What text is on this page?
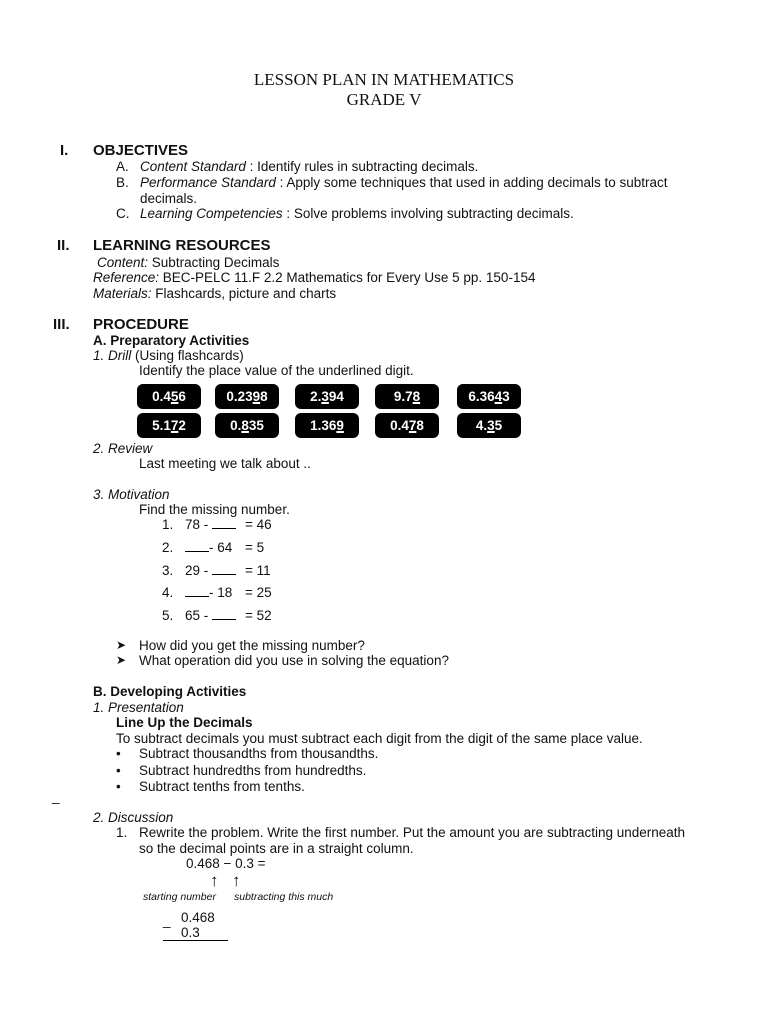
LESSON PLAN IN MATHEMATICS
GRADE V
I. OBJECTIVES
A. Content Standard : Identify rules in subtracting decimals.
B. Performance Standard : Apply some techniques that used in adding decimals to subtract
decimals.
C. Learning Competencies : Solve problems involving subtracting decimals.
II. LEARNING RESOURCES
Content: Subtracting Decimals
Reference: BEC-PELC 11.F 2.2 Mathematics for Every Use 5 pp. 150-154
Materials: Flashcards, picture and charts
III. PROCEDURE
A. Preparatory Activities
1. Drill (Using flashcards)
Identify the place value of the underlined digit.
0.456	0.2398	2.394	9.78	6.3643
5.172	0.835	1.369	0.478	4.35
2. Review
Last meeting we talk about ..
3. Motivation
Find the missing number.
1. 78 -	= 46
2.	- 64 = 5
3. 29 -	= 11
4.	- 18 = 25
5. 65 -	= 52
➤ How did you get the missing number?
➤ What operation did you use in solving the equation?
B. Developing Activities
1. Presentation
Line Up the Decimals
To subtract decimals you must subtract each digit from the digit of the same place value.
• Subtract thousandths from thousandths.
• Subtract hundredths from hundredths.
• Subtract tenths from tenths.
_
2. Discussion
1. Rewrite the problem. Write the first number. Put the amount you are subtracting underneath
so the decimal points are in a straight column.
0.468 − 0.3 =
↑ ↑
starting number subtracting this much
0.468
_
0.3
